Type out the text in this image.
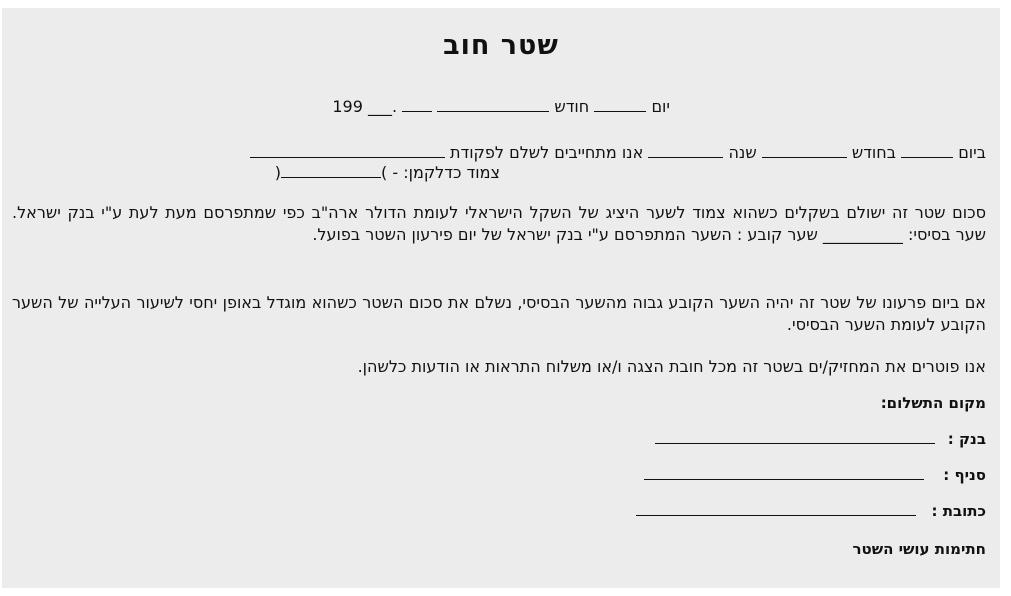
שטר חוב
יום  חודש   .___ 199
ביום  בחודש  שנה  אנו מתחייבים לשלם לפקודת
צמוד כדלקמן: - )(
סכום שטר זה ישולם בשקלים כשהוא צמוד לשער היציג של השקל הישראלי לעומת הדולר ארה"ב כפי שמתפרסם מעת לעת ע"י בנק ישראל. שער בסיסי: __________ שער קובע : השער המתפרסם ע"י בנק ישראל של יום פירעון השטר בפועל.
אם ביום פרעונו של שטר זה יהיה השער הקובע גבוה מהשער הבסיסי, נשלם את סכום השטר כשהוא מוגדל באופן יחסי לשיעור העלייה של השער הקובע לעומת השער הבסיסי.
אנו פוטרים את המחזיק/ים בשטר זה מכל חובת הצגה ו/או משלוח התראות או הודעות כלשהן.
מקום התשלום:
בנק :
סניף :
כתובת :
חתימות עושי השטר
